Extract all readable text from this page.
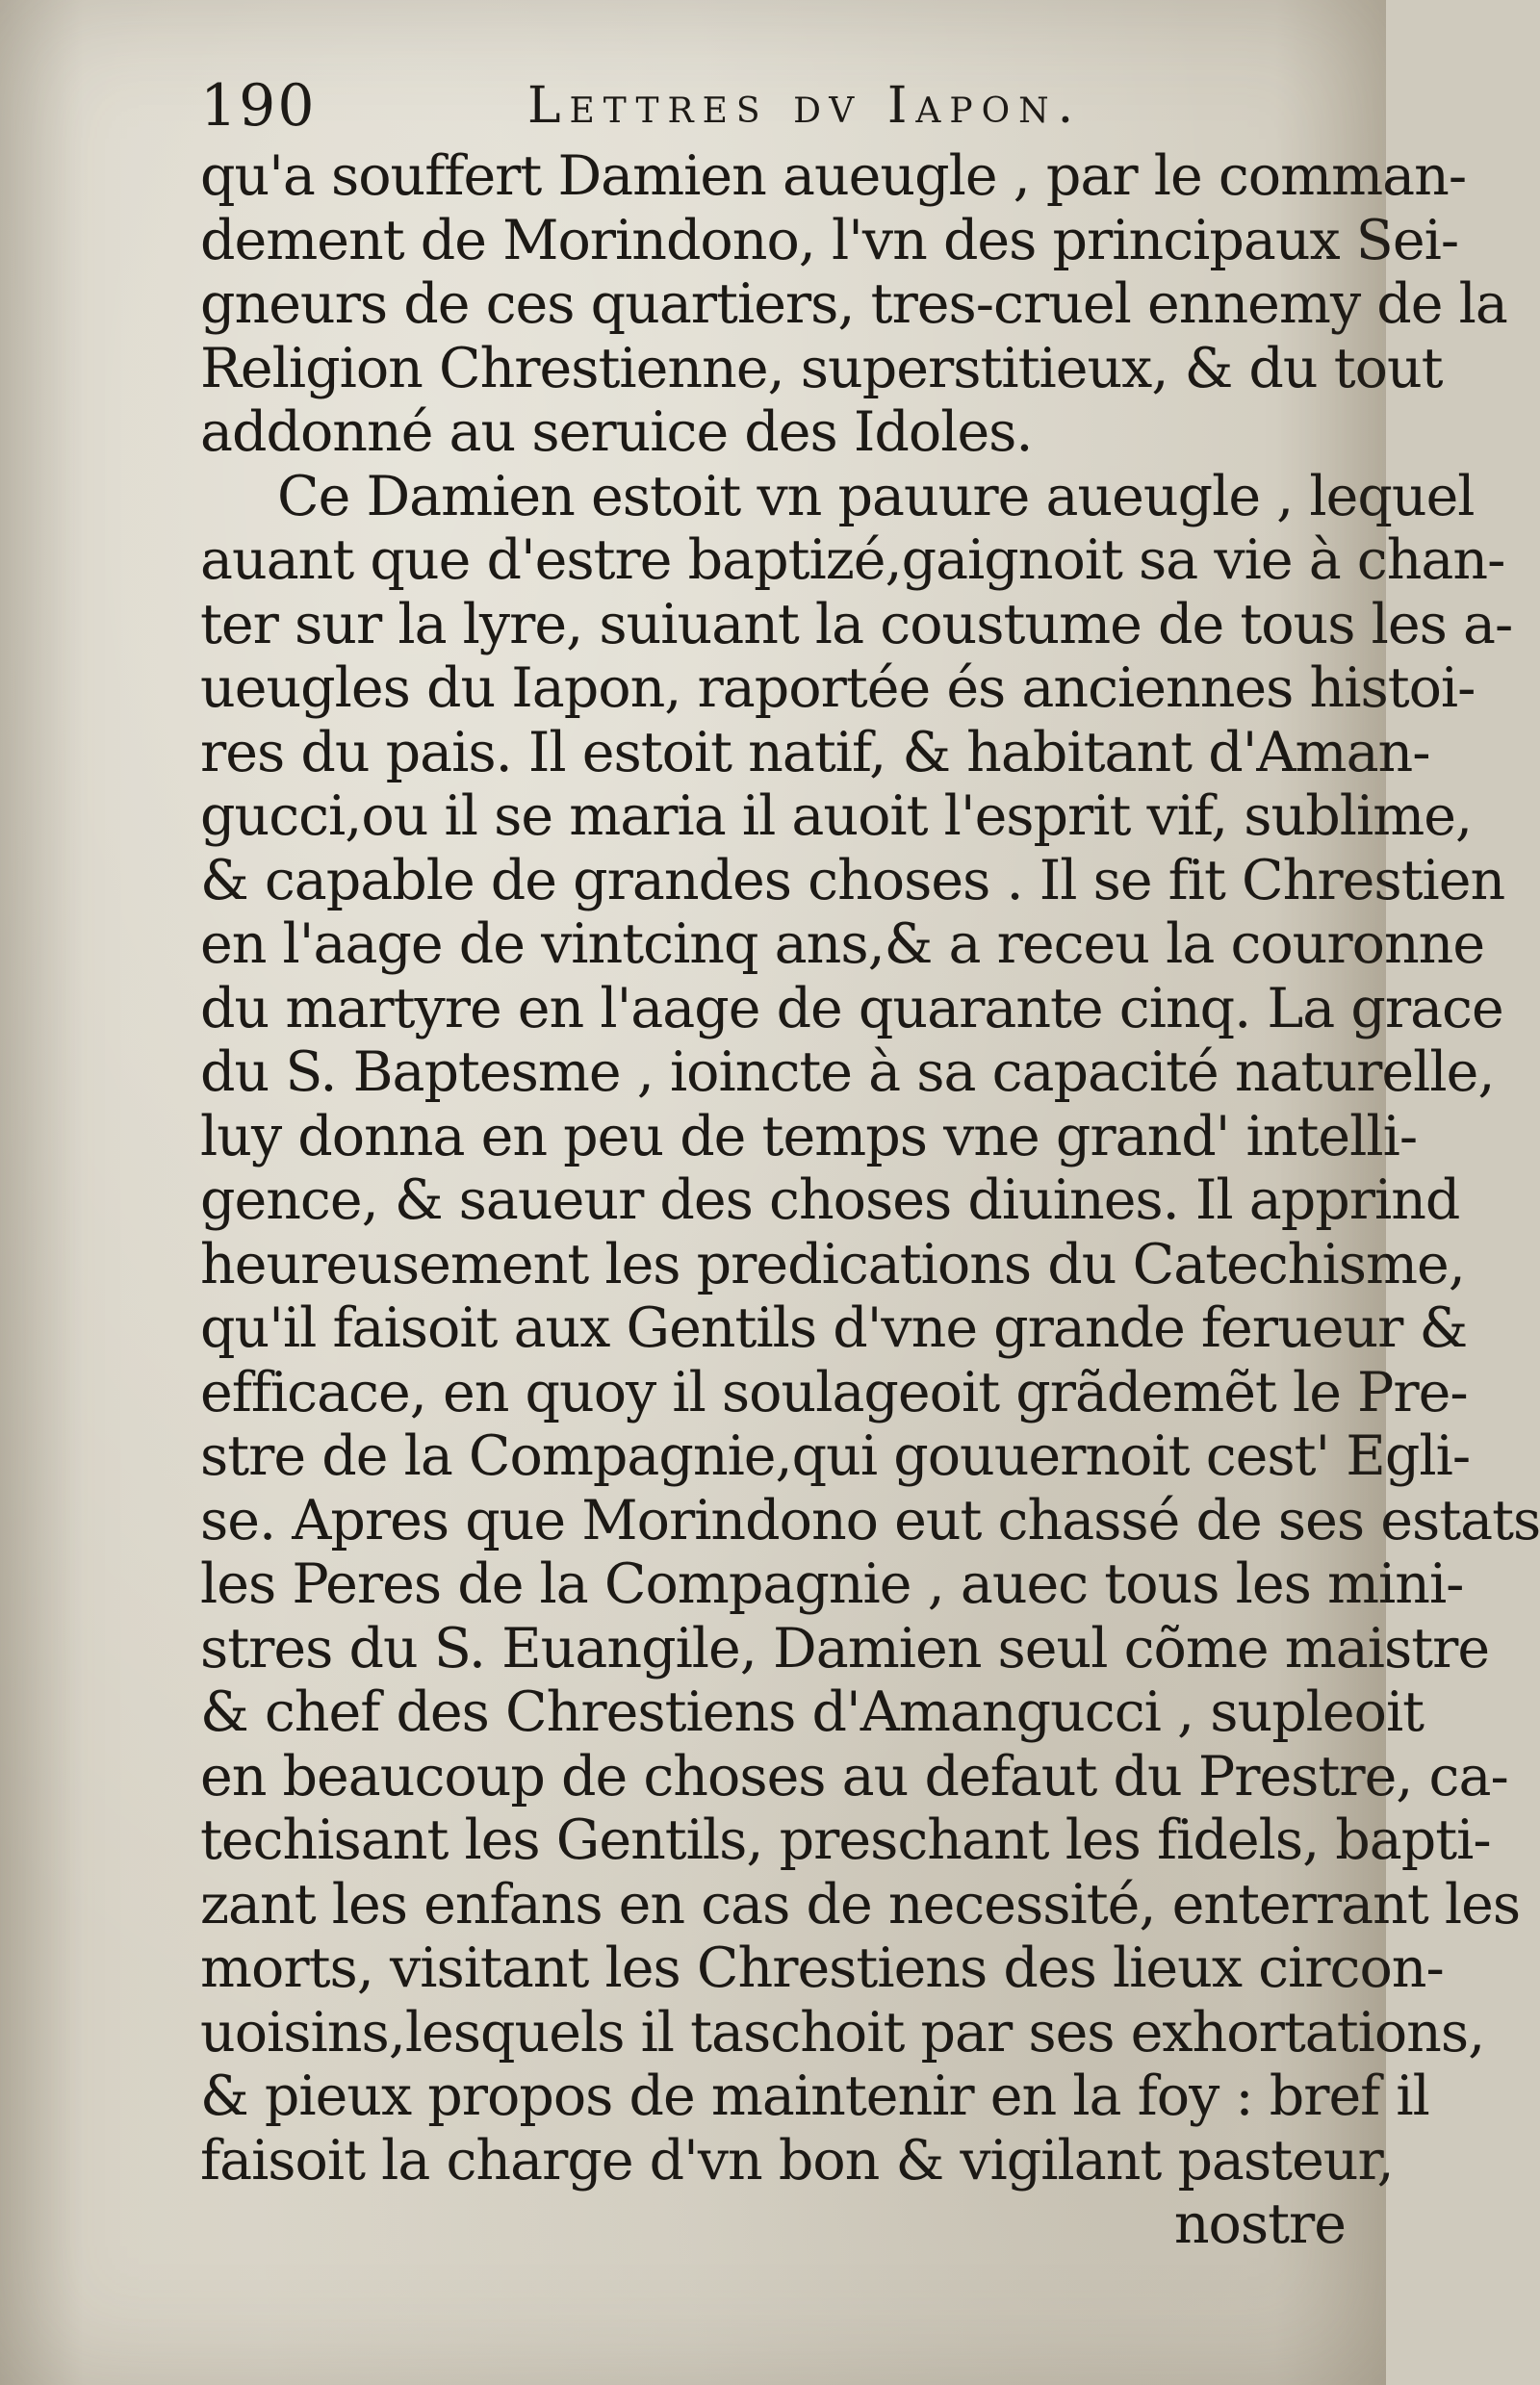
190	Lettres dv Iapon.
qu'a souffert Damien aueugle , par le comman-
dement de Morindono, l'vn des principaux Sei-
gneurs de ces quartiers, tres-cruel ennemy de la
Religion Chrestienne, superstitieux, & du tout
addonné au seruice des Idoles.
Ce Damien estoit vn pauure aueugle , lequel
auant que d'estre baptizé,gaignoit sa vie à chan-
ter sur la lyre, suiuant la coustume de tous les a-
ueugles du Iapon, raportée és anciennes histoi-
res du pais. Il estoit natif, & habitant d'Aman-
gucci,ou il se maria il auoit l'esprit vif, sublime,
& capable de grandes choses . Il se fit Chrestien
en l'aage de vintcinq ans,& a receu la couronne
du martyre en l'aage de quarante cinq. La grace
du S. Baptesme , ioincte à sa capacité naturelle,
luy donna en peu de temps vne grand' intelli-
gence, & saueur des choses diuines. Il apprind
heureusement les predications du Catechisme,
qu'il faisoit aux Gentils d'vne grande ferueur &
efficace, en quoy il soulageoit grãdemẽt le Pre-
stre de la Compagnie,qui gouuernoit cest' Egli-
se. Apres que Morindono eut chassé de ses estats
les Peres de la Compagnie , auec tous les mini-
stres du S. Euangile, Damien seul cõme maistre
& chef des Chrestiens d'Amangucci , supleoit
en beaucoup de choses au defaut du Prestre, ca-
techisant les Gentils, preschant les fidels, bapti-
zant les enfans en cas de necessité, enterrant les
morts, visitant les Chrestiens des lieux circon-
uoisins,lesquels il taschoit par ses exhortations,
& pieux propos de maintenir en la foy : bref il
faisoit la charge d'vn bon & vigilant pasteur,
nostre
